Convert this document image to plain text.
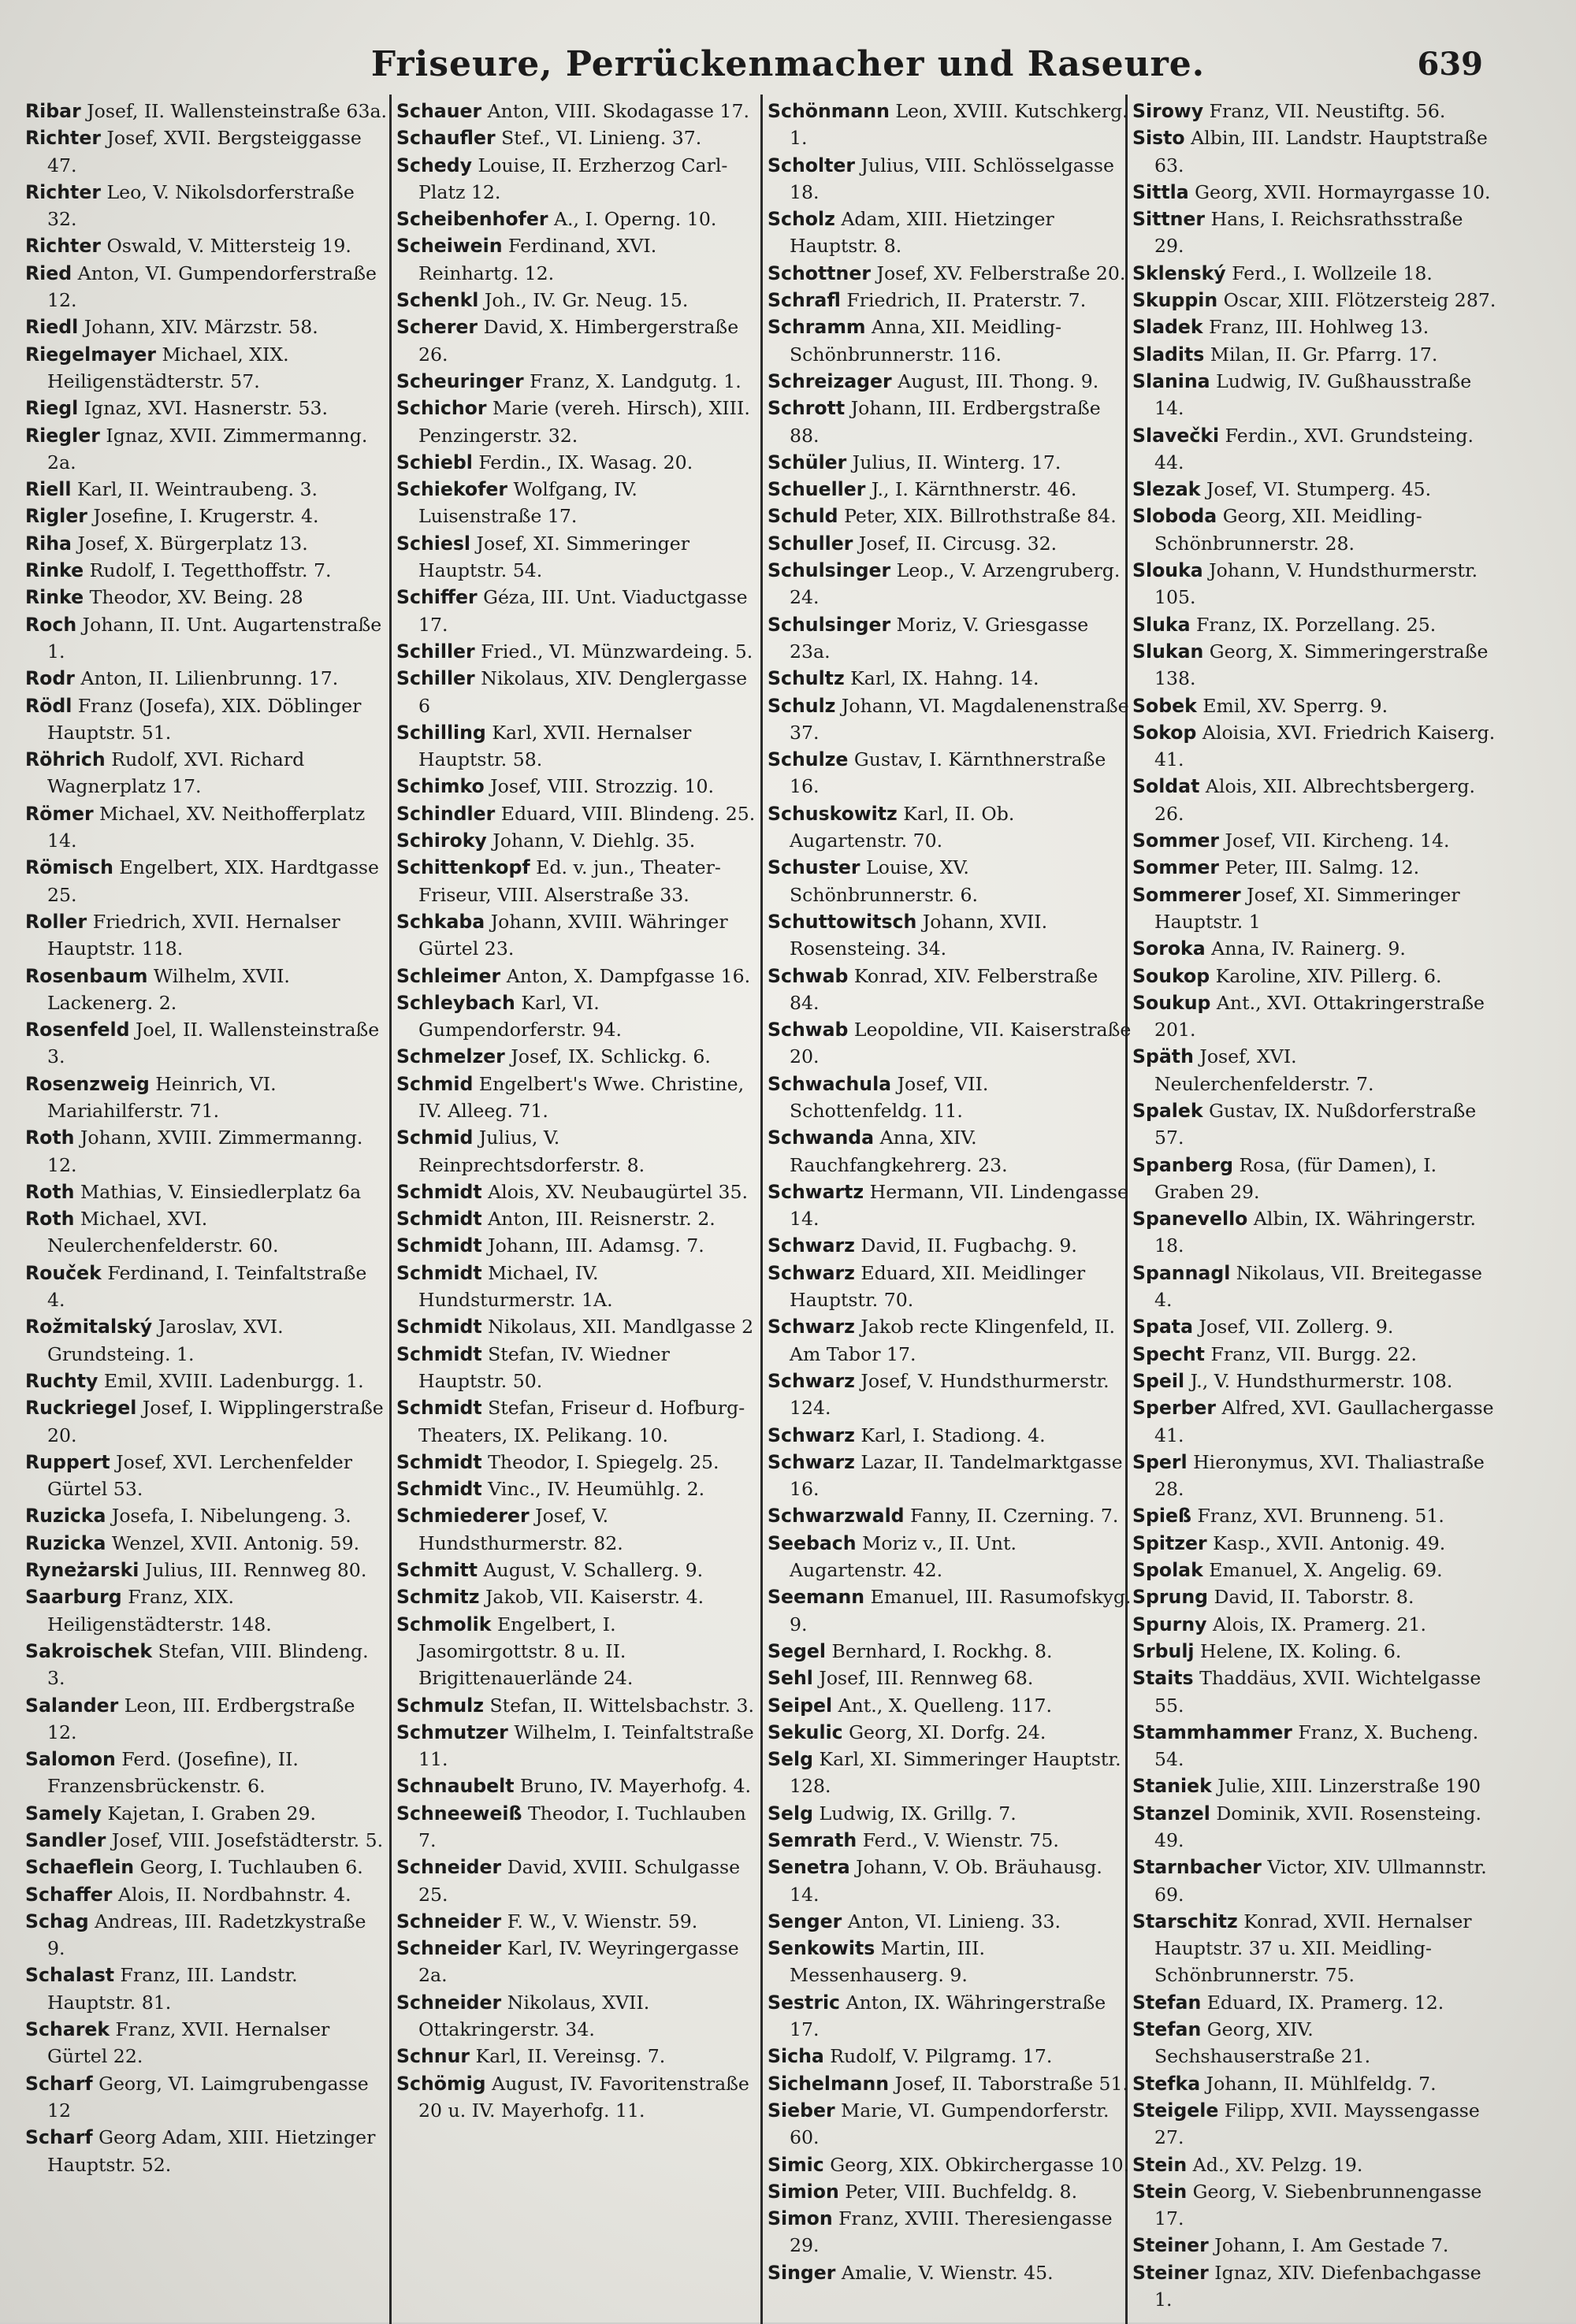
Friseure, Perrückenmacher und Raseure.	639
Ribar Josef, II. Wallensteinstraße 63a.
Richter Josef, XVII. Bergsteiggasse 47.
Richter Leo, V. Nikolsdorferstraße 32.
Richter Oswald, V. Mittersteig 19.
Ried Anton, VI. Gumpendorferstraße 12.
Riedl Johann, XIV. Märzstr. 58.
Riegelmayer Michael, XIX. Heiligenstädterstr. 57.
Riegl Ignaz, XVI. Hasnerstr. 53.
Riegler Ignaz, XVII. Zimmermanng. 2a.
Riell Karl, II. Weintraubeng. 3.
Rigler Josefine, I. Krugerstr. 4.
Riha Josef, X. Bürgerplatz 13.
Rinke Rudolf, I. Tegetthoffstr. 7.
Rinke Theodor, XV. Being. 28
Roch Johann, II. Unt. Augartenstraße 1.
Rodr Anton, II. Lilienbrunng. 17.
Rödl Franz (Josefa), XIX. Döblinger Hauptstr. 51.
Röhrich Rudolf, XVI. Richard Wagnerplatz 17.
Römer Michael, XV. Neithofferplatz 14.
Römisch Engelbert, XIX. Hardtgasse 25.
Roller Friedrich, XVII. Hernalser Hauptstr. 118.
Rosenbaum Wilhelm, XVII. Lackenerg. 2.
Rosenfeld Joel, II. Wallensteinstraße 3.
Rosenzweig Heinrich, VI. Mariahilferstr. 71.
Roth Johann, XVIII. Zimmermanng. 12.
Roth Mathias, V. Einsiedlerplatz 6a
Roth Michael, XVI. Neulerchenfelderstr. 60.
Rouček Ferdinand, I. Teinfaltstraße 4.
Rožmitalský Jaroslav, XVI. Grundsteing. 1.
Ruchty Emil, XVIII. Ladenburgg. 1.
Ruckriegel Josef, I. Wipplingerstraße 20.
Ruppert Josef, XVI. Lerchenfelder Gürtel 53.
Ruzicka Josefa, I. Nibelungeng. 3.
Ruzicka Wenzel, XVII. Antonig. 59.
Ryneżarski Julius, III. Rennweg 80.
Saarburg Franz, XIX. Heiligenstädterstr. 148.
Sakroischek Stefan, VIII. Blindeng. 3.
Salander Leon, III. Erdbergstraße 12.
Salomon Ferd. (Josefine), II. Franzensbrückenstr. 6.
Samely Kajetan, I. Graben 29.
Sandler Josef, VIII. Josefstädterstr. 5.
Schaeflein Georg, I. Tuchlauben 6.
Schaffer Alois, II. Nordbahnstr. 4.
Schag Andreas, III. Radetzkystraße 9.
Schalast Franz, III. Landstr. Hauptstr. 81.
Scharek Franz, XVII. Hernalser Gürtel 22.
Scharf Georg, VI. Laimgrubengasse 12
Scharf Georg Adam, XIII. Hietzinger Hauptstr. 52.
Schauer Anton, VIII. Skodagasse 17.
Schaufler Stef., VI. Linieng. 37.
Schedy Louise, II. Erzherzog Carl-Platz 12.
Scheibenhofer A., I. Operng. 10.
Scheiwein Ferdinand, XVI. Reinhartg. 12.
Schenkl Joh., IV. Gr. Neug. 15.
Scherer David, X. Himbergerstraße 26.
Scheuringer Franz, X. Landgutg. 1.
Schichor Marie (vereh. Hirsch), XIII. Penzingerstr. 32.
Schiebl Ferdin., IX. Wasag. 20.
Schiekofer Wolfgang, IV. Luisenstraße 17.
Schiesl Josef, XI. Simmeringer Hauptstr. 54.
Schiffer Géza, III. Unt. Viaductgasse 17.
Schiller Fried., VI. Münzwardeing. 5.
Schiller Nikolaus, XIV. Denglergasse 6
Schilling Karl, XVII. Hernalser Hauptstr. 58.
Schimko Josef, VIII. Strozzig. 10.
Schindler Eduard, VIII. Blindeng. 25.
Schiroky Johann, V. Diehlg. 35.
Schittenkopf Ed. v. jun., Theater-Friseur, VIII. Alserstraße 33.
Schkaba Johann, XVIII. Währinger Gürtel 23.
Schleimer Anton, X. Dampfgasse 16.
Schleybach Karl, VI. Gumpendorferstr. 94.
Schmelzer Josef, IX. Schlickg. 6.
Schmid Engelbert's Wwe. Christine, IV. Alleeg. 71.
Schmid Julius, V. Reinprechtsdorferstr. 8.
Schmidt Alois, XV. Neubaugürtel 35.
Schmidt Anton, III. Reisnerstr. 2.
Schmidt Johann, III. Adamsg. 7.
Schmidt Michael, IV. Hundsturmerstr. 1A.
Schmidt Nikolaus, XII. Mandlgasse 2
Schmidt Stefan, IV. Wiedner Hauptstr. 50.
Schmidt Stefan, Friseur d. Hofburg-Theaters, IX. Pelikang. 10.
Schmidt Theodor, I. Spiegelg. 25.
Schmidt Vinc., IV. Heumühlg. 2.
Schmiederer Josef, V. Hundsthurmerstr. 82.
Schmitt August, V. Schallerg. 9.
Schmitz Jakob, VII. Kaiserstr. 4.
Schmolik Engelbert, I. Jasomirgottstr. 8 u. II. Brigittenauerlände 24.
Schmulz Stefan, II. Wittelsbachstr. 3.
Schmutzer Wilhelm, I. Teinfaltstraße 11.
Schnaubelt Bruno, IV. Mayerhofg. 4.
Schneeweiß Theodor, I. Tuchlauben 7.
Schneider David, XVIII. Schulgasse 25.
Schneider F. W., V. Wienstr. 59.
Schneider Karl, IV. Weyringergasse 2a.
Schneider Nikolaus, XVII. Ottakringerstr. 34.
Schnur Karl, II. Vereinsg. 7.
Schömig August, IV. Favoritenstraße 20 u. IV. Mayerhofg. 11.
Schönmann Leon, XVIII. Kutschkerg. 1.
Scholter Julius, VIII. Schlösselgasse 18.
Scholz Adam, XIII. Hietzinger Hauptstr. 8.
Schottner Josef, XV. Felberstraße 20.
Schrafl Friedrich, II. Praterstr. 7.
Schramm Anna, XII. Meidling-Schönbrunnerstr. 116.
Schreizager August, III. Thong. 9.
Schrott Johann, III. Erdbergstraße 88.
Schüler Julius, II. Winterg. 17.
Schueller J., I. Kärnthnerstr. 46.
Schuld Peter, XIX. Billrothstraße 84.
Schuller Josef, II. Circusg. 32.
Schulsinger Leop., V. Arzengruberg. 24.
Schulsinger Moriz, V. Griesgasse 23a.
Schultz Karl, IX. Hahng. 14.
Schulz Johann, VI. Magdalenenstraße 37.
Schulze Gustav, I. Kärnthnerstraße 16.
Schuskowitz Karl, II. Ob. Augartenstr. 70.
Schuster Louise, XV. Schönbrunnerstr. 6.
Schuttowitsch Johann, XVII. Rosensteing. 34.
Schwab Konrad, XIV. Felberstraße 84.
Schwab Leopoldine, VII. Kaiserstraße 20.
Schwachula Josef, VII. Schottenfeldg. 11.
Schwanda Anna, XIV. Rauchfangkehrerg. 23.
Schwartz Hermann, VII. Lindengasse 14.
Schwarz David, II. Fugbachg. 9.
Schwarz Eduard, XII. Meidlinger Hauptstr. 70.
Schwarz Jakob recte Klingenfeld, II. Am Tabor 17.
Schwarz Josef, V. Hundsthurmerstr. 124.
Schwarz Karl, I. Stadiong. 4.
Schwarz Lazar, II. Tandelmarktgasse 16.
Schwarzwald Fanny, II. Czerning. 7.
Seebach Moriz v., II. Unt. Augartenstr. 42.
Seemann Emanuel, III. Rasumofskyg. 9.
Segel Bernhard, I. Rockhg. 8.
Sehl Josef, III. Rennweg 68.
Seipel Ant., X. Quelleng. 117.
Sekulic Georg, XI. Dorfg. 24.
Selg Karl, XI. Simmeringer Hauptstr. 128.
Selg Ludwig, IX. Grillg. 7.
Semrath Ferd., V. Wienstr. 75.
Senetra Johann, V. Ob. Bräuhausg. 14.
Senger Anton, VI. Linieng. 33.
Senkowits Martin, III. Messenhauserg. 9.
Sestric Anton, IX. Währingerstraße 17.
Sicha Rudolf, V. Pilgramg. 17.
Sichelmann Josef, II. Taborstraße 51.
Sieber Marie, VI. Gumpendorferstr. 60.
Simic Georg, XIX. Obkirchergasse 10.
Simion Peter, VIII. Buchfeldg. 8.
Simon Franz, XVIII. Theresiengasse 29.
Singer Amalie, V. Wienstr. 45.
Sirowy Franz, VII. Neustiftg. 56.
Sisto Albin, III. Landstr. Hauptstraße 63.
Sittla Georg, XVII. Hormayrgasse 10.
Sittner Hans, I. Reichsrathsstraße 29.
Sklenský Ferd., I. Wollzeile 18.
Skuppin Oscar, XIII. Flötzersteig 287.
Sladek Franz, III. Hohlweg 13.
Sladits Milan, II. Gr. Pfarrg. 17.
Slanina Ludwig, IV. Gußhausstraße 14.
Slavečki Ferdin., XVI. Grundsteing. 44.
Slezak Josef, VI. Stumperg. 45.
Sloboda Georg, XII. Meidling-Schönbrunnerstr. 28.
Slouka Johann, V. Hundsthurmerstr. 105.
Sluka Franz, IX. Porzellang. 25.
Slukan Georg, X. Simmeringerstraße 138.
Sobek Emil, XV. Sperrg. 9.
Sokop Aloisia, XVI. Friedrich Kaiserg. 41.
Soldat Alois, XII. Albrechtsbergerg. 26.
Sommer Josef, VII. Kircheng. 14.
Sommer Peter, III. Salmg. 12.
Sommerer Josef, XI. Simmeringer Hauptstr. 1
Soroka Anna, IV. Rainerg. 9.
Soukop Karoline, XIV. Pillerg. 6.
Soukup Ant., XVI. Ottakringerstraße 201.
Späth Josef, XVI. Neulerchenfelderstr. 7.
Spalek Gustav, IX. Nußdorferstraße 57.
Spanberg Rosa, (für Damen), I. Graben 29.
Spanevello Albin, IX. Währingerstr. 18.
Spannagl Nikolaus, VII. Breitegasse 4.
Spata Josef, VII. Zollerg. 9.
Specht Franz, VII. Burgg. 22.
Speil J., V. Hundsthurmerstr. 108.
Sperber Alfred, XVI. Gaullachergasse 41.
Sperl Hieronymus, XVI. Thaliastraße 28.
Spieß Franz, XVI. Brunneng. 51.
Spitzer Kasp., XVII. Antonig. 49.
Spolak Emanuel, X. Angelig. 69.
Sprung David, II. Taborstr. 8.
Spurny Alois, IX. Pramerg. 21.
Srbulj Helene, IX. Koling. 6.
Staits Thaddäus, XVII. Wichtelgasse 55.
Stammhammer Franz, X. Bucheng. 54.
Staniek Julie, XIII. Linzerstraße 190
Stanzel Dominik, XVII. Rosensteing. 49.
Starnbacher Victor, XIV. Ullmannstr. 69.
Starschitz Konrad, XVII. Hernalser Hauptstr. 37 u. XII. Meidling-Schönbrunnerstr. 75.
Stefan Eduard, IX. Pramerg. 12.
Stefan Georg, XIV. Sechshauserstraße 21.
Stefka Johann, II. Mühlfeldg. 7.
Steigele Filipp, XVII. Mayssengasse 27.
Stein Ad., XV. Pelzg. 19.
Stein Georg, V. Siebenbrunnengasse 17.
Steiner Johann, I. Am Gestade 7.
Steiner Ignaz, XIV. Diefenbachgasse 1.
